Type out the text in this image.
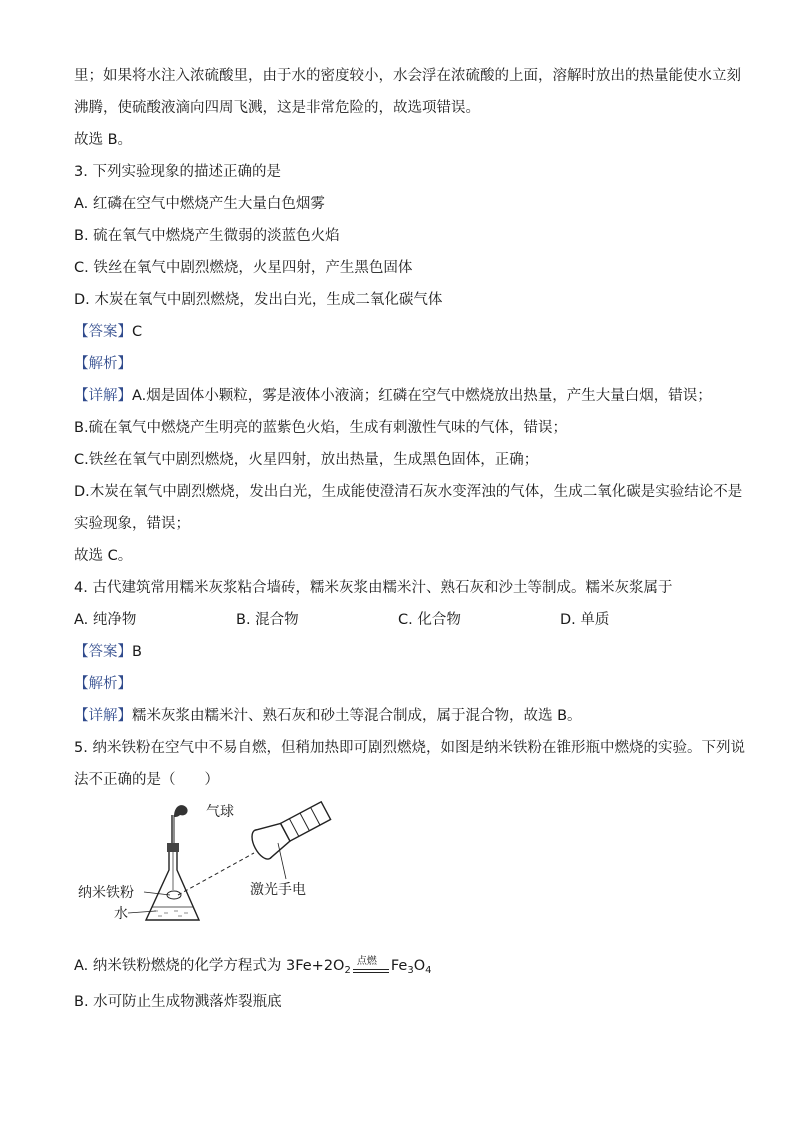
里；如果将水注入浓硫酸里，由于水的密度较小，水会浮在浓硫酸的上面，溶解时放出的热量能使水立刻
沸腾，使硫酸液滴向四周飞溅，这是非常危险的，故选项错误。
故选 B。
3. 下列实验现象的描述正确的是
A. 红磷在空气中燃烧产生大量白色烟雾
B. 硫在氧气中燃烧产生微弱的淡蓝色火焰
C. 铁丝在氧气中剧烈燃烧，火星四射，产生黑色固体
D. 木炭在氧气中剧烈燃烧，发出白光，生成二氧化碳气体
【答案】C
【解析】
【详解】A.烟是固体小颗粒，雾是液体小液滴；红磷在空气中燃烧放出热量，产生大量白烟，错误；
B.硫在氧气中燃烧产生明亮的蓝紫色火焰，生成有刺激性气味的气体，错误；
C.铁丝在氧气中剧烈燃烧，火星四射，放出热量，生成黑色固体，正确；
D.木炭在氧气中剧烈燃烧，发出白光，生成能使澄清石灰水变浑浊的气体，生成二氧化碳是实验结论不是
实验现象，错误；
故选 C。
4. 古代建筑常用糯米灰浆粘合墙砖，糯米灰浆由糯米汁、熟石灰和沙土等制成。糯米灰浆属于
A. 纯净物	B. 混合物	C. 化合物	D. 单质
【答案】B
【解析】
【详解】糯米灰浆由糯米汁、熟石灰和砂土等混合制成，属于混合物，故选 B。
5. 纳米铁粉在空气中不易自燃，但稍加热即可剧烈燃烧，如图是纳米铁粉在锥形瓶中燃烧的实验。下列说
法不正确的是（　　）
气球
激光手电
纳米铁粉
水
A. 纳米铁粉燃烧的化学方程式为 $3Fe+2O_2$
点燃 $Fe_3O_4$
B. 水可防止生成物溅落炸裂瓶底
